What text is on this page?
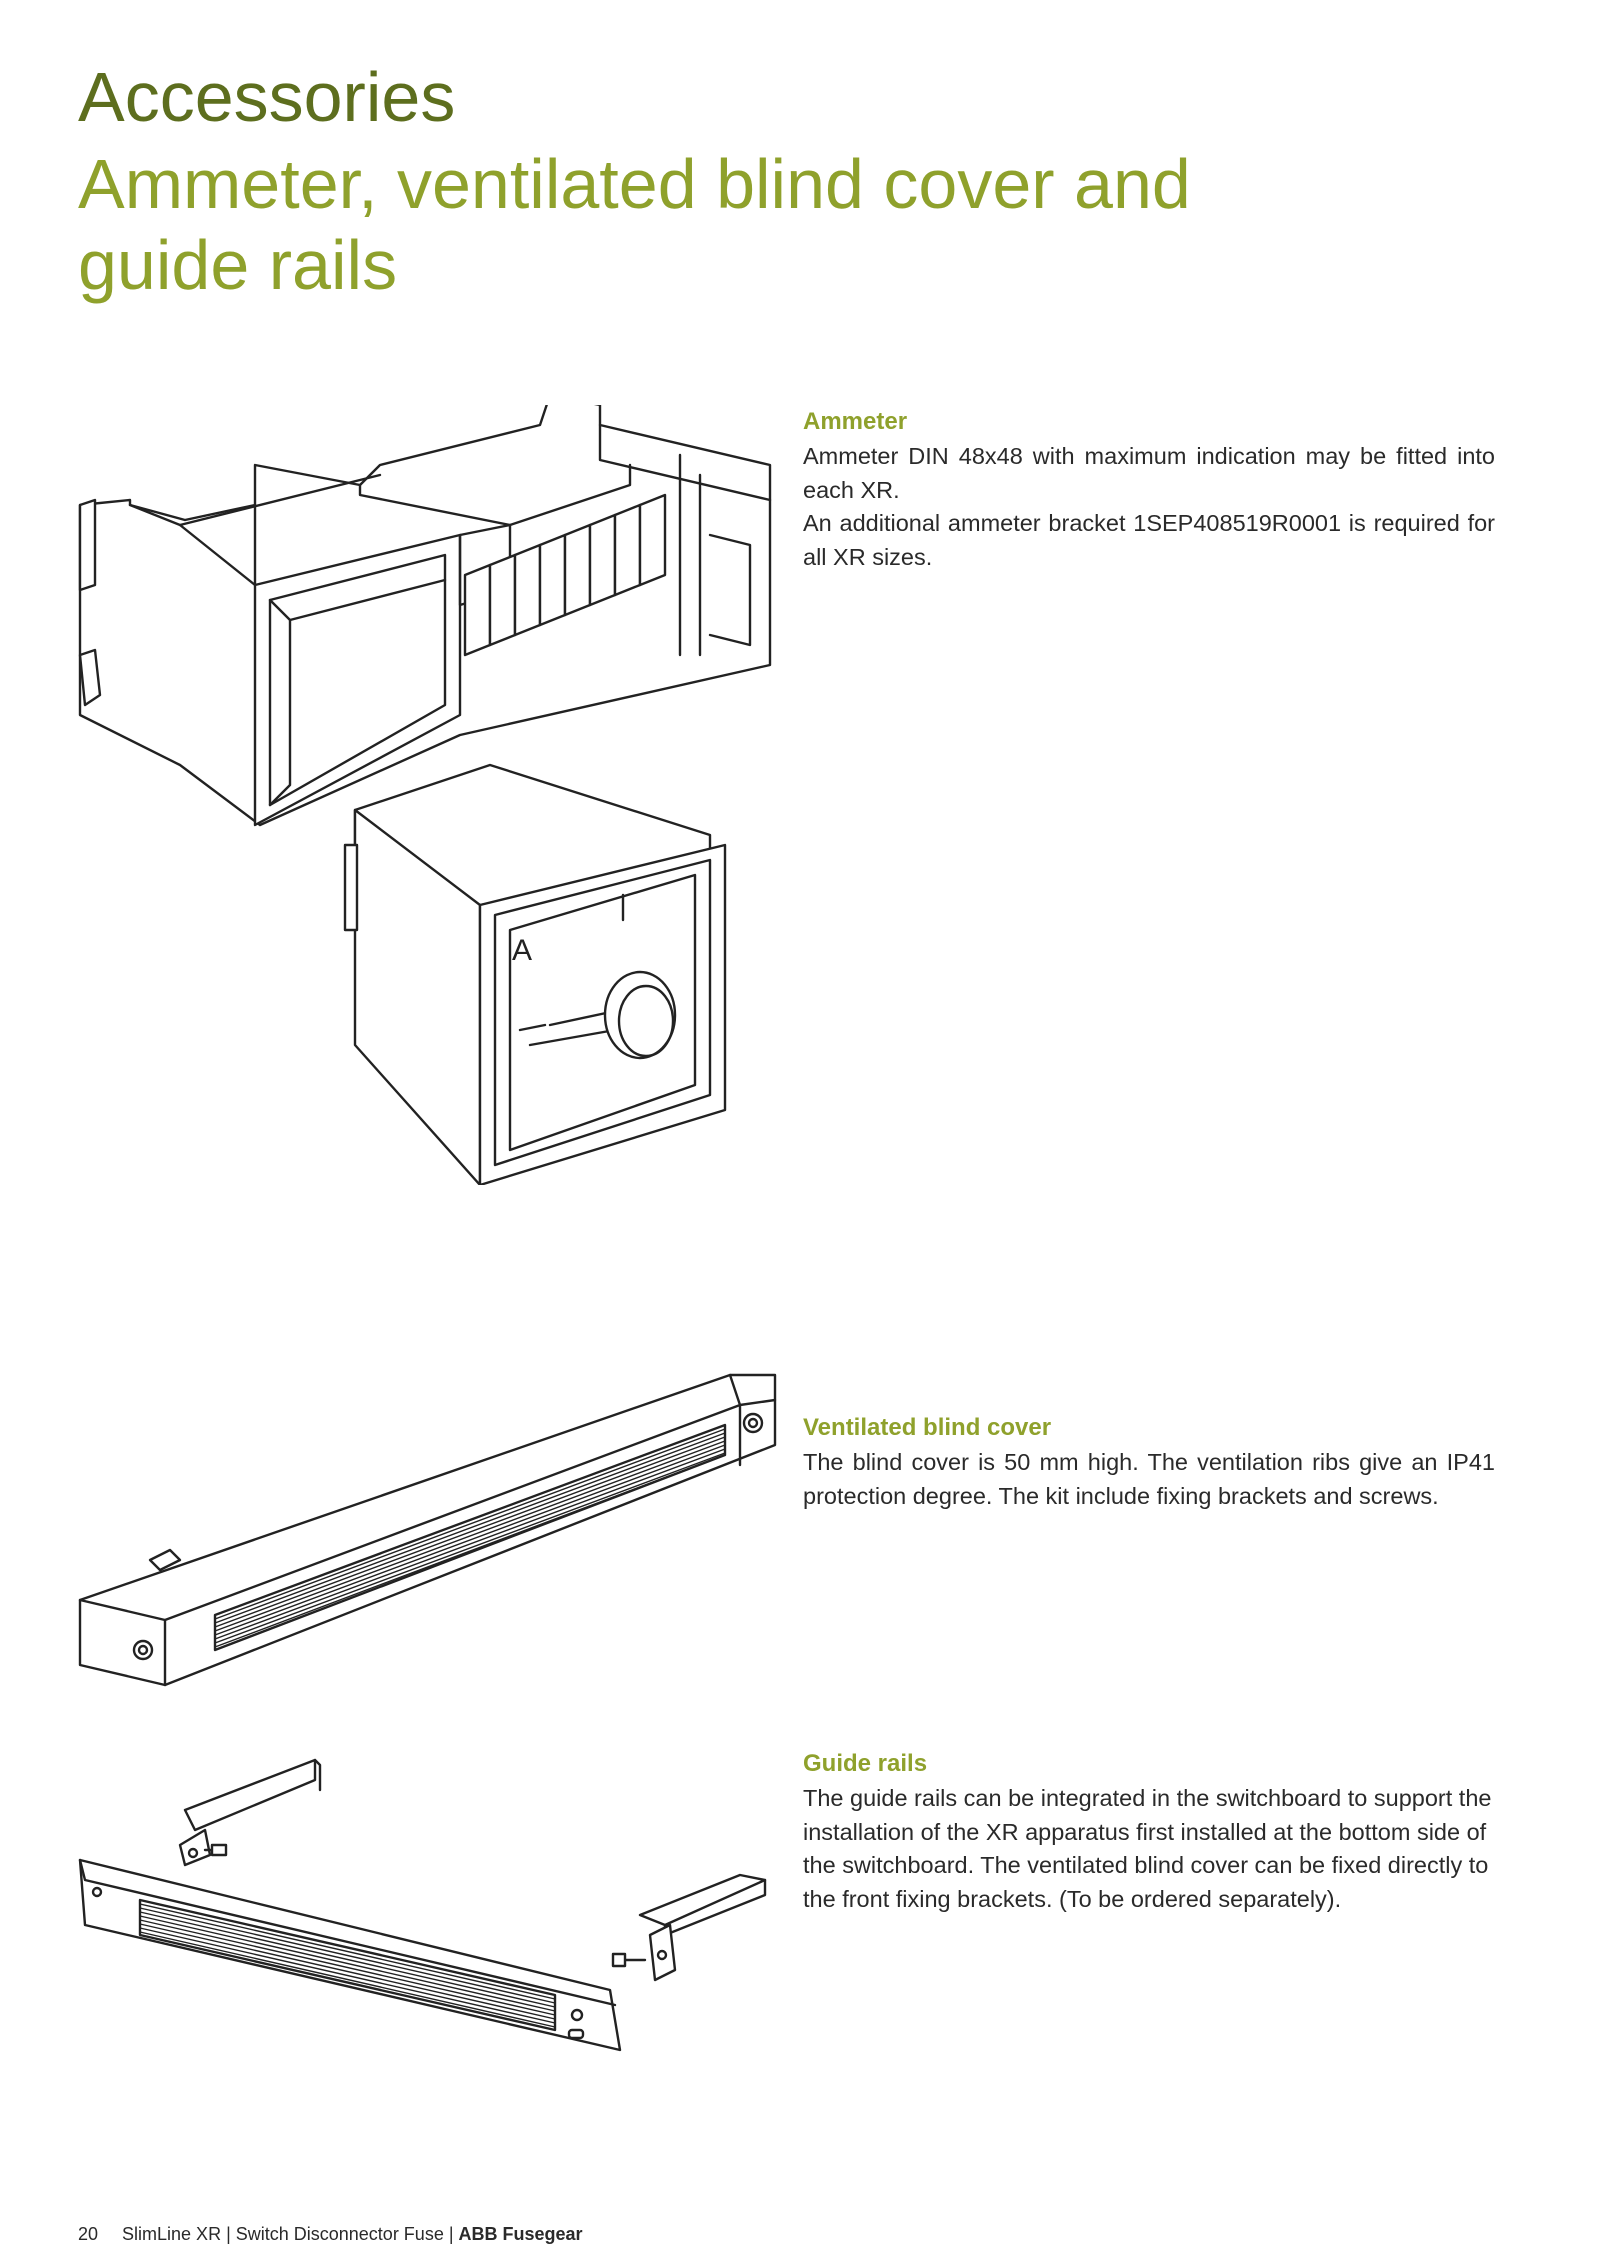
Accessories
Ammeter, ventilated blind cover and guide rails
Ammeter

Ammeter DIN 48x48 with maximum indication may be fitted into each XR.

An additional ammeter bracket 1SEP408519R0001 is required for all XR sizes.

Ventilated blind cover

The blind cover is 50 mm high. The ventilation ribs give an IP41 protection degree. The kit include fixing brackets and screws.

Guide rails

The guide rails can be integrated in the switchboard to support the installation of the XR apparatus first installed at the bottom side of the switchboard. The ventilated blind cover can be fixed directly to the front fixing brackets. (To be ordered separately).

A
20 SlimLine XR | Switch Disconnector Fuse | ABB Fusegear
